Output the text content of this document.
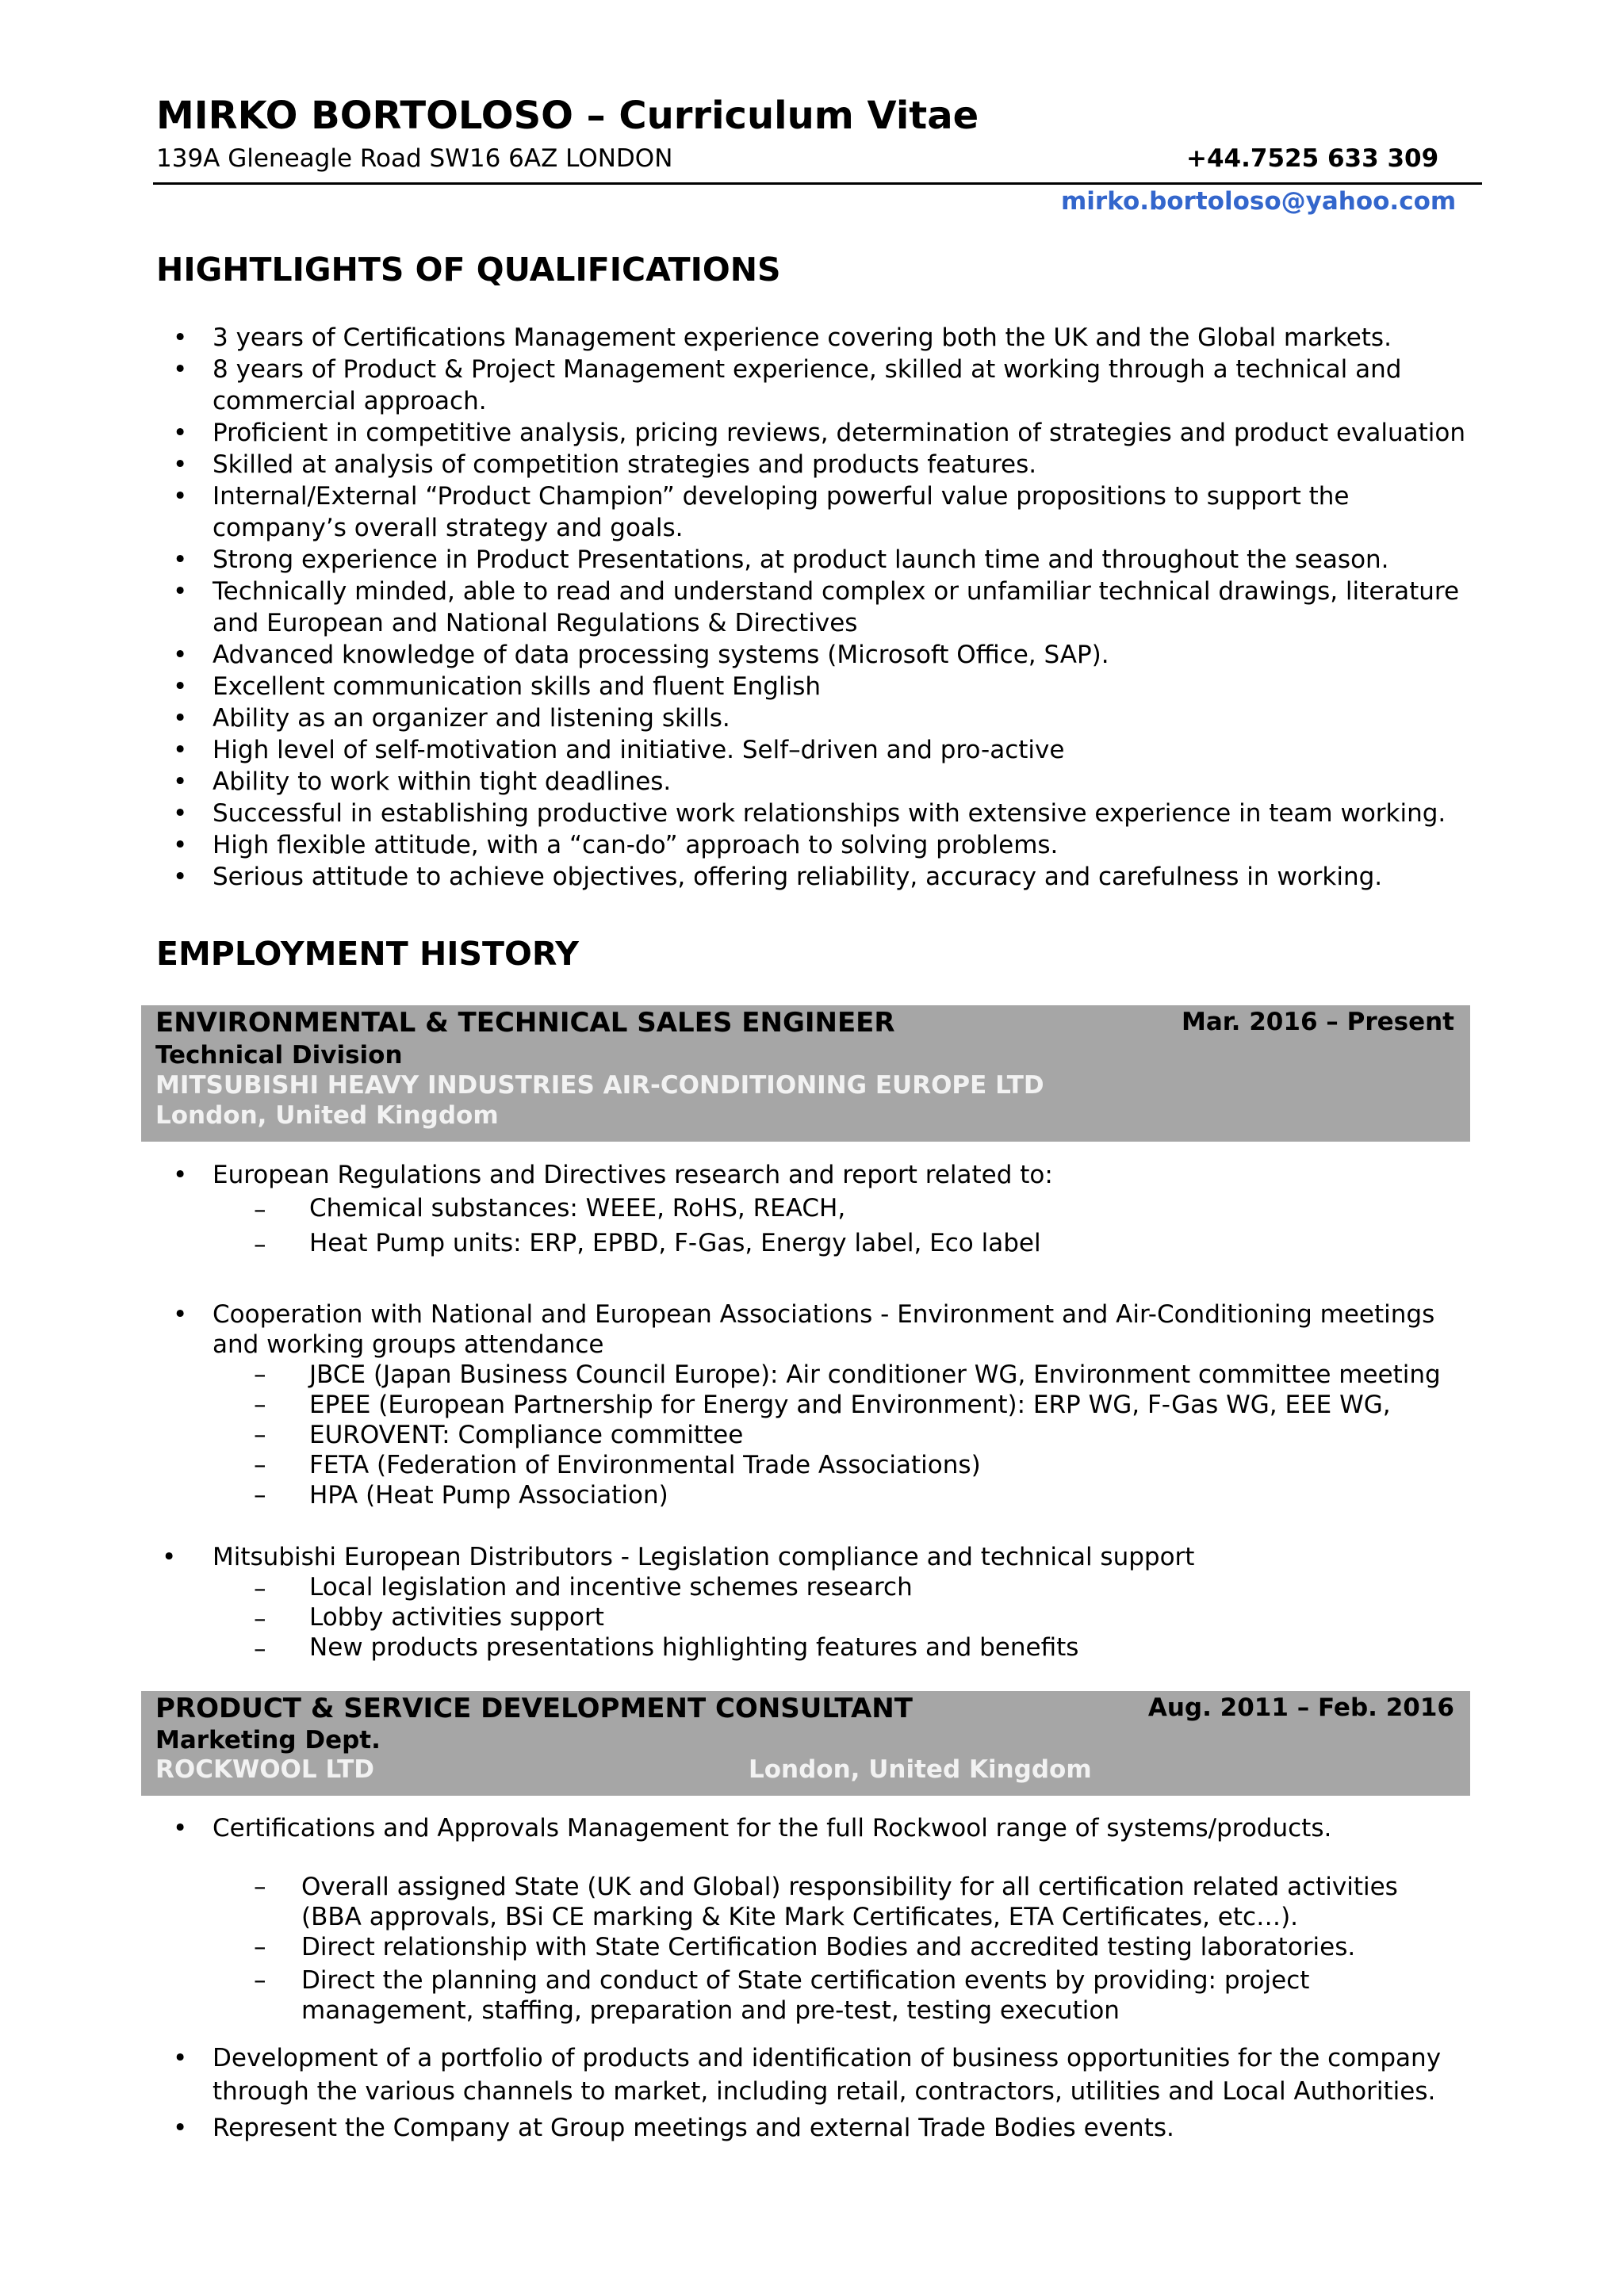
MIRKO BORTOLOSO – Curriculum Vitae
139A Gleneagle Road SW16 6AZ LONDON	+44.7525 633 309
mirko.bortoloso@yahoo.com
HIGHTLIGHTS OF QUALIFICATIONS
• 3 years of Certifications Management experience covering both the UK and the Global markets.
• 8 years of Product & Project Management experience, skilled at working through a technical and
commercial approach.
• Proficient in competitive analysis, pricing reviews, determination of strategies and product evaluation
• Skilled at analysis of competition strategies and products features.
• Internal/External “Product Champion” developing powerful value propositions to support the
company’s overall strategy and goals.
• Strong experience in Product Presentations, at product launch time and throughout the season.
• Technically minded, able to read and understand complex or unfamiliar technical drawings, literature
and European and National Regulations & Directives
• Advanced knowledge of data processing systems (Microsoft Office, SAP).
• Excellent communication skills and fluent English
• Ability as an organizer and listening skills.
• High level of self-motivation and initiative. Self–driven and pro-active
• Ability to work within tight deadlines.
• Successful in establishing productive work relationships with extensive experience in team working.
• High flexible attitude, with a “can-do” approach to solving problems.
• Serious attitude to achieve objectives, offering reliability, accuracy and carefulness in working.
EMPLOYMENT HISTORY
ENVIRONMENTAL & TECHNICAL SALES ENGINEER	Mar. 2016 – Present
Technical Division
MITSUBISHI HEAVY INDUSTRIES AIR-CONDITIONING EUROPE LTD
London, United Kingdom
• European Regulations and Directives research and report related to:
– Chemical substances: WEEE, RoHS, REACH,
– Heat Pump units: ERP, EPBD, F-Gas, Energy label, Eco label
• Cooperation with National and European Associations - Environment and Air-Conditioning meetings
and working groups attendance
– JBCE (Japan Business Council Europe): Air conditioner WG, Environment committee meeting
– EPEE (European Partnership for Energy and Environment): ERP WG, F-Gas WG, EEE WG,
– EUROVENT: Compliance committee
– FETA (Federation of Environmental Trade Associations)
– HPA (Heat Pump Association)
• Mitsubishi European Distributors - Legislation compliance and technical support
– Local legislation and incentive schemes research
– Lobby activities support
– New products presentations highlighting features and benefits
PRODUCT & SERVICE DEVELOPMENT CONSULTANT	Aug. 2011 – Feb. 2016
Marketing Dept.
ROCKWOOL LTD	London, United Kingdom
• Certifications and Approvals Management for the full Rockwool range of systems/products.
– Overall assigned State (UK and Global) responsibility for all certification related activities
(BBA approvals, BSi CE marking & Kite Mark Certificates, ETA Certificates, etc…).
– Direct relationship with State Certification Bodies and accredited testing laboratories.
– Direct the planning and conduct of State certification events by providing: project
management, staffing, preparation and pre-test, testing execution
• Development of a portfolio of products and identification of business opportunities for the company
through the various channels to market, including retail, contractors, utilities and Local Authorities.
• Represent the Company at Group meetings and external Trade Bodies events.
